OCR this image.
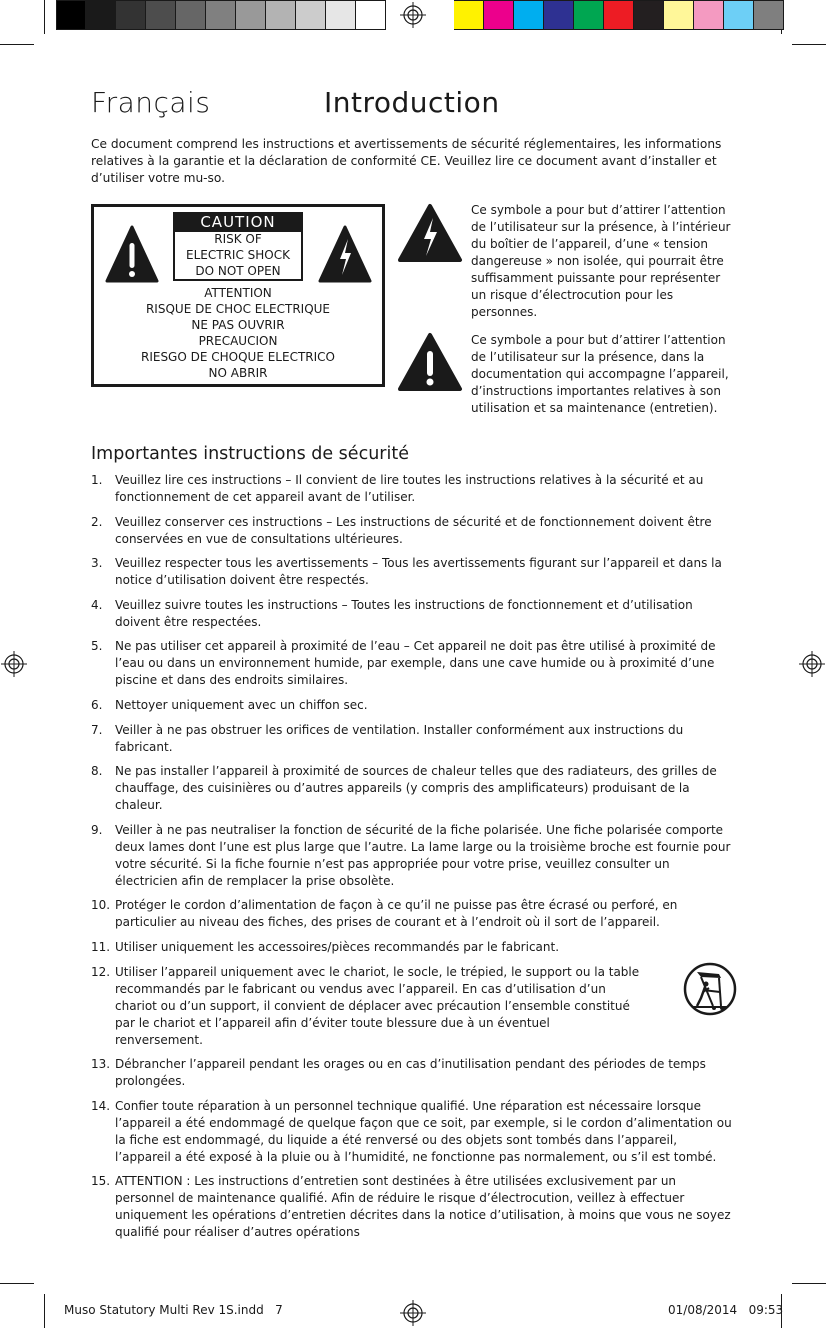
Français	Introduction
Ce document comprend les instructions et avertissements de sécurité réglementaires, les informations relatives à la garantie et la déclaration de conformité CE. Veuillez lire ce document avant d’installer et d’utiliser votre mu-so.
CAUTION
RISK OF
ELECTRIC SHOCK
DO NOT OPEN
ATTENTION
RISQUE DE CHOC ELECTRIQUE
NE PAS OUVRIR
PRECAUCION
RIESGO DE CHOQUE ELECTRICO
NO ABRIR
Ce symbole a pour but d’attirer l’attention de l’utilisateur sur la présence, à l’intérieur du boîtier de l’appareil, d’une « tension dangereuse » non isolée, qui pourrait être suffisamment puissante pour représenter un risque d’électrocution pour les personnes.
Ce symbole a pour but d’attirer l’attention de l’utilisateur sur la présence, dans la documentation qui accompagne l’appareil, d’instructions importantes relatives à son utilisation et sa maintenance (entretien).
Importantes instructions de sécurité
1. Veuillez lire ces instructions – Il convient de lire toutes les instructions relatives à la sécurité et au fonctionnement de cet appareil avant de l’utiliser.
2. Veuillez conserver ces instructions – Les instructions de sécurité et de fonctionnement doivent être conservées en vue de consultations ultérieures.
3. Veuillez respecter tous les avertissements – Tous les avertissements figurant sur l’appareil et dans la notice d’utilisation doivent être respectés.
4. Veuillez suivre toutes les instructions – Toutes les instructions de fonctionnement et d’utilisation doivent être respectées.
5. Ne pas utiliser cet appareil à proximité de l’eau – Cet appareil ne doit pas être utilisé à proximité de l’eau ou dans un environnement humide, par exemple, dans une cave humide ou à proximité d’une piscine et dans des endroits similaires.
6. Nettoyer uniquement avec un chiffon sec.
7. Veiller à ne pas obstruer les orifices de ventilation. Installer conformément aux instructions du fabricant.
8. Ne pas installer l’appareil à proximité de sources de chaleur telles que des radiateurs, des grilles de chauffage, des cuisinières ou d’autres appareils (y compris des amplificateurs) produisant de la chaleur.
9. Veiller à ne pas neutraliser la fonction de sécurité de la fiche polarisée. Une fiche polarisée comporte deux lames dont l’une est plus large que l’autre. La lame large ou la troisième broche est fournie pour votre sécurité. Si la fiche fournie n’est pas appropriée pour votre prise, veuillez consulter un électricien afin de remplacer la prise obsolète.
10. Protéger le cordon d’alimentation de façon à ce qu’il ne puisse pas être écrasé ou perforé, en particulier au niveau des fiches, des prises de courant et à l’endroit où il sort de l’appareil.
11. Utiliser uniquement les accessoires/pièces recommandés par le fabricant.
12. Utiliser l’appareil uniquement avec le chariot, le socle, le trépied, le support ou la table recommandés par le fabricant ou vendus avec l’appareil. En cas d’utilisation d’un chariot ou d’un support, il convient de déplacer avec précaution l’ensemble constitué par le chariot et l’appareil afin d’éviter toute blessure due à un éventuel renversement.
13. Débrancher l’appareil pendant les orages ou en cas d’inutilisation pendant des périodes de temps prolongées.
14. Confier toute réparation à un personnel technique qualifié. Une réparation est nécessaire lorsque l’appareil a été endommagé de quelque façon que ce soit, par exemple, si le cordon d’alimentation ou la fiche est endommagé, du liquide a été renversé ou des objets sont tombés dans l’appareil, l’appareil a été exposé à la pluie ou à l’humidité, ne fonctionne pas normalement, ou s’il est tombé.
15. ATTENTION : Les instructions d’entretien sont destinées à être utilisées exclusivement par un personnel de maintenance qualifié. Afin de réduire le risque d’électrocution, veillez à effectuer uniquement les opérations d’entretien décrites dans la notice d’utilisation, à moins que vous ne soyez qualifié pour réaliser d’autres opérations
Muso Statutory Multi Rev 1S.indd   7	01/08/2014   09:53
